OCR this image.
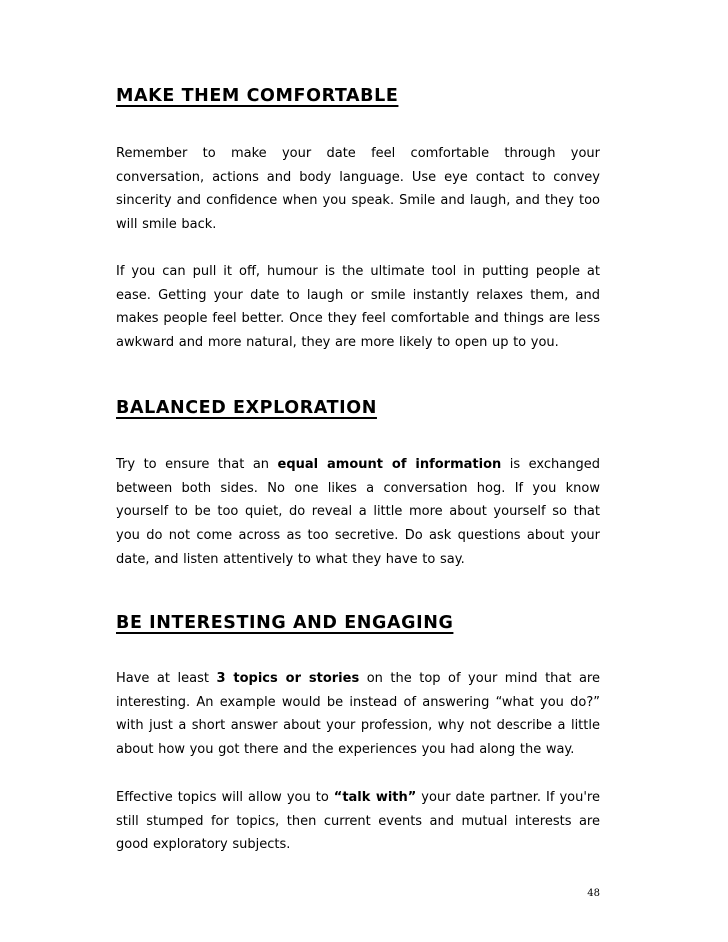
MAKE THEM COMFORTABLE

Remember to make your date feel comfortable through your conversation, actions and body language. Use eye contact to convey sincerity and confidence when you speak. Smile and laugh, and they too will smile back.

If you can pull it off, humour is the ultimate tool in putting people at ease. Getting your date to laugh or smile instantly relaxes them, and makes people feel better. Once they feel comfortable and things are less awkward and more natural, they are more likely to open up to you.

BALANCED EXPLORATION

Try to ensure that an equal amount of information is exchanged between both sides. No one likes a conversation hog. If you know yourself to be too quiet, do reveal a little more about yourself so that you do not come across as too secretive. Do ask questions about your date, and listen attentively to what they have to say.

BE INTERESTING AND ENGAGING

Have at least 3 topics or stories on the top of your mind that are interesting. An example would be instead of answering “what you do?” with just a short answer about your profession, why not describe a little about how you got there and the experiences you had along the way.

Effective topics will allow you to “talk with” your date partner. If you're still stumped for topics, then current events and mutual interests are good exploratory subjects.

48
